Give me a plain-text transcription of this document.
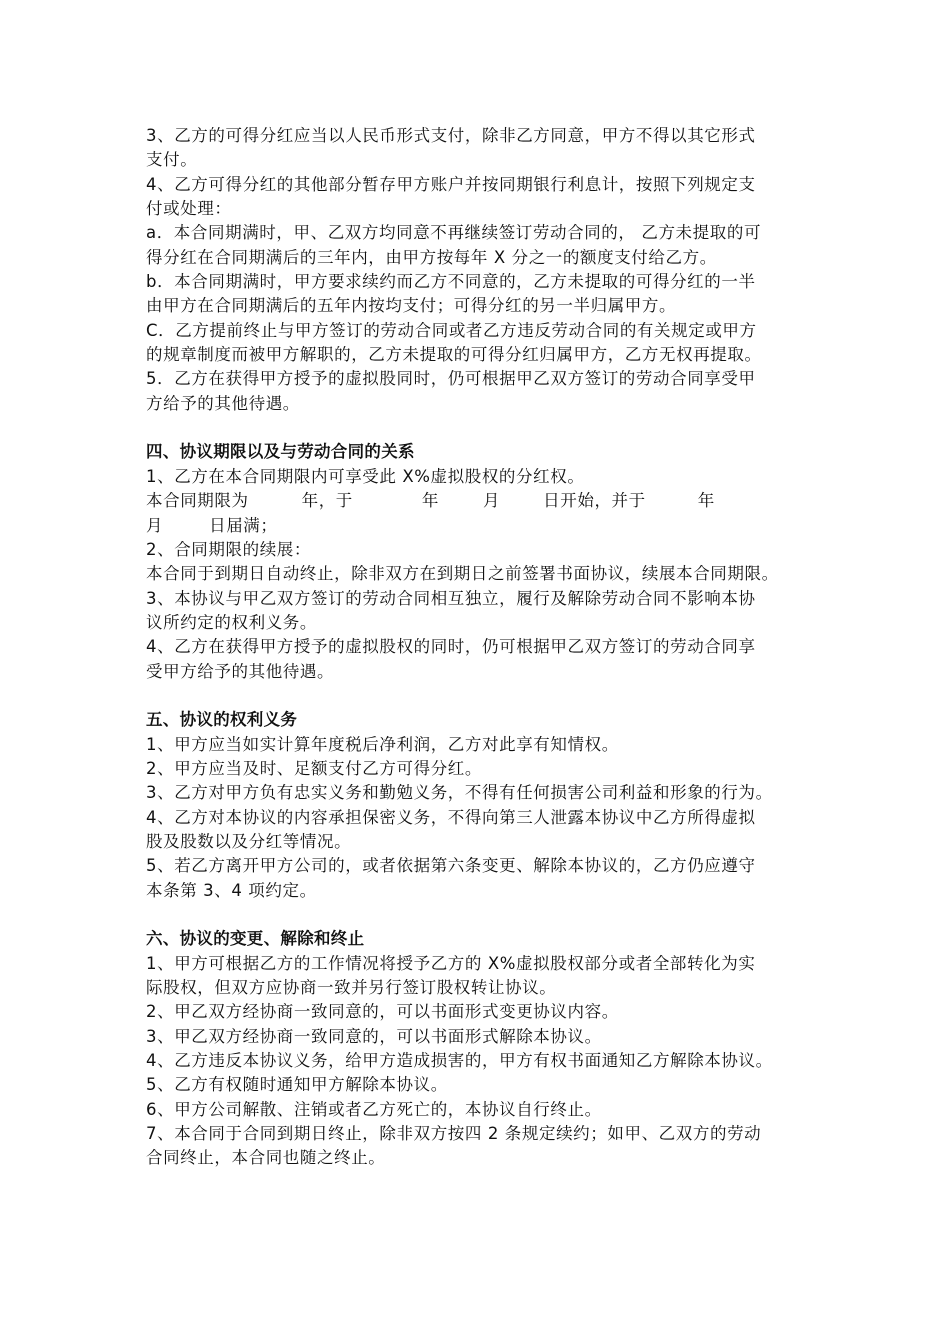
3、乙方的可得分红应当以人民币形式支付，除非乙方同意，甲方不得以其它形式
支付。
4、乙方可得分红的其他部分暂存甲方账户并按同期银行利息计，按照下列规定支
付或处理：
a．本合同期满时，甲、乙双方均同意不再继续签订劳动合同的， 乙方未提取的可
得分红在合同期满后的三年内，由甲方按每年 X 分之一的额度支付给乙方。
b．本合同期满时，甲方要求续约而乙方不同意的，乙方未提取的可得分红的一半
由甲方在合同期满后的五年内按均支付；可得分红的另一半归属甲方。
C．乙方提前终止与甲方签订的劳动合同或者乙方违反劳动合同的有关规定或甲方
的规章制度而被甲方解职的，乙方未提取的可得分红归属甲方，乙方无权再提取。
5．乙方在获得甲方授予的虚拟股同时，仍可根据甲乙双方签订的劳动合同享受甲
方给予的其他待遇。
四、协议期限以及与劳动合同的关系
1、乙方在本合同期限内可享受此 X%虚拟股权的分红权。
本合同期限为	年，于	年	月	日开始，并于	年
月	日届满；
2、合同期限的续展：
本合同于到期日自动终止，除非双方在到期日之前签署书面协议，续展本合同期限。
3、本协议与甲乙双方签订的劳动合同相互独立，履行及解除劳动合同不影响本协
议所约定的权利义务。
4、乙方在获得甲方授予的虚拟股权的同时，仍可根据甲乙双方签订的劳动合同享
受甲方给予的其他待遇。
五、协议的权利义务
1、甲方应当如实计算年度税后净利润，乙方对此享有知情权。
2、甲方应当及时、足额支付乙方可得分红。
3、乙方对甲方负有忠实义务和勤勉义务，不得有任何损害公司利益和形象的行为。
4、乙方对本协议的内容承担保密义务，不得向第三人泄露本协议中乙方所得虚拟
股及股数以及分红等情况。
5、若乙方离开甲方公司的，或者依据第六条变更、解除本协议的，乙方仍应遵守
本条第 3、4 项约定。
六、协议的变更、解除和终止
1、甲方可根据乙方的工作情况将授予乙方的 X%虚拟股权部分或者全部转化为实
际股权，但双方应协商一致并另行签订股权转让协议。
2、甲乙双方经协商一致同意的，可以书面形式变更协议内容。
3、甲乙双方经协商一致同意的，可以书面形式解除本协议。
4、乙方违反本协议义务，给甲方造成损害的，甲方有权书面通知乙方解除本协议。
5、乙方有权随时通知甲方解除本协议。
6、甲方公司解散、注销或者乙方死亡的，本协议自行终止。
7、本合同于合同到期日终止，除非双方按四 2 条规定续约；如甲、乙双方的劳动
合同终止，本合同也随之终止。
